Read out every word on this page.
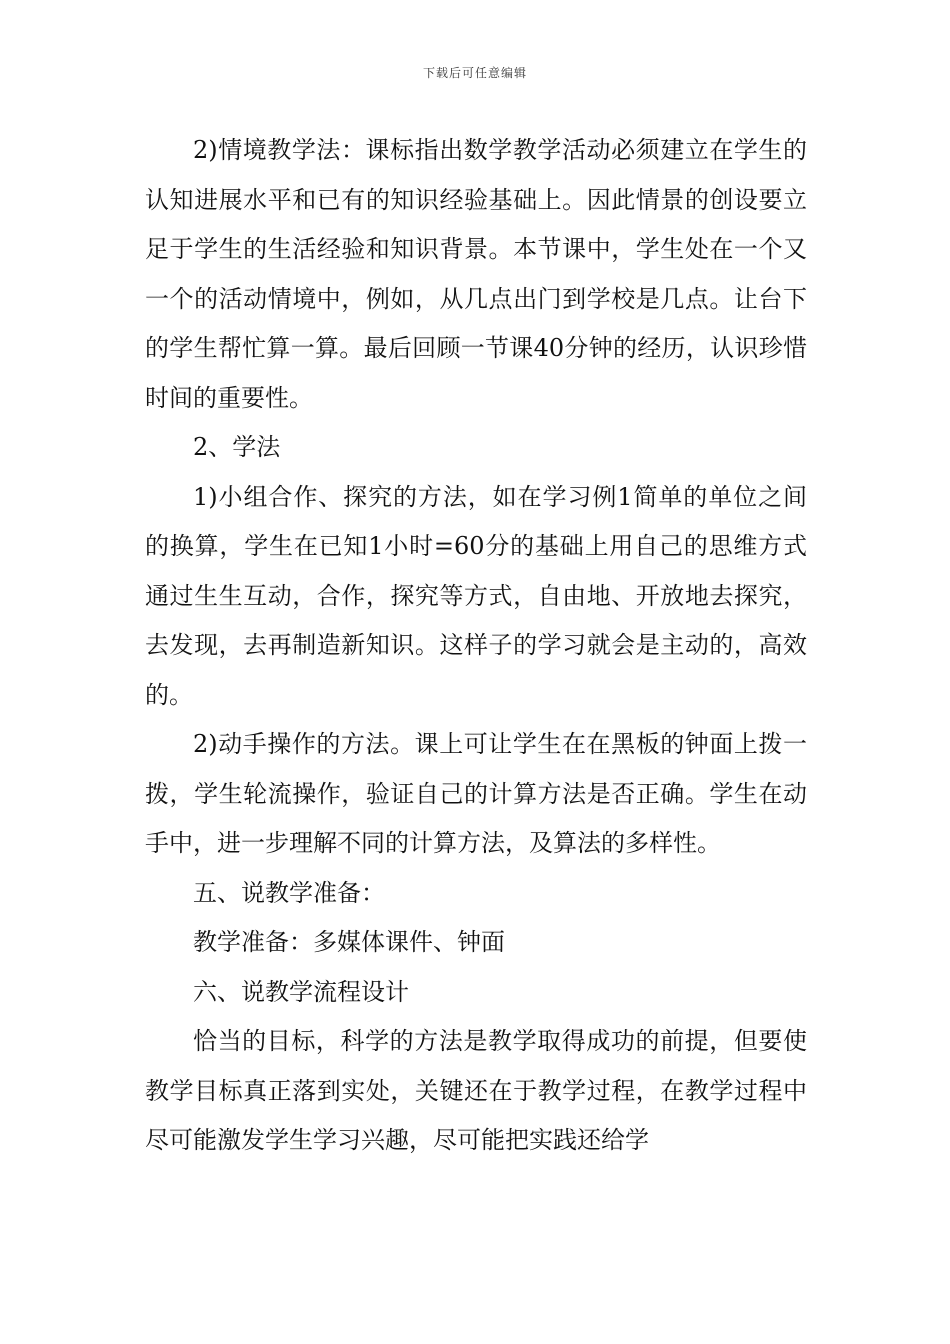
下载后可任意编辑

2)情境教学法：课标指出数学教学活动必须建立在学生的认知进展水平和已有的知识经验基础上。因此情景的创设要立足于学生的生活经验和知识背景。本节课中，学生处在一个又一个的活动情境中，例如，从几点出门到学校是几点。让台下的学生帮忙算一算。最后回顾一节课40分钟的经历，认识珍惜时间的重要性。

2、学法

1)小组合作、探究的方法，如在学习例1简单的单位之间的换算，学生在已知1小时=60分的基础上用自己的思维方式通过生生互动，合作，探究等方式，自由地、开放地去探究，去发现，去再制造新知识。这样子的学习就会是主动的，高效的。

2)动手操作的方法。课上可让学生在在黑板的钟面上拨一拨，学生轮流操作，验证自己的计算方法是否正确。学生在动手中，进一步理解不同的计算方法，及算法的多样性。

五、说教学准备：

教学准备：多媒体课件、钟面

六、说教学流程设计

恰当的目标，科学的方法是教学取得成功的前提，但要使教学目标真正落到实处，关键还在于教学过程，在教学过程中尽可能激发学生学习兴趣，尽可能把实践还给学
